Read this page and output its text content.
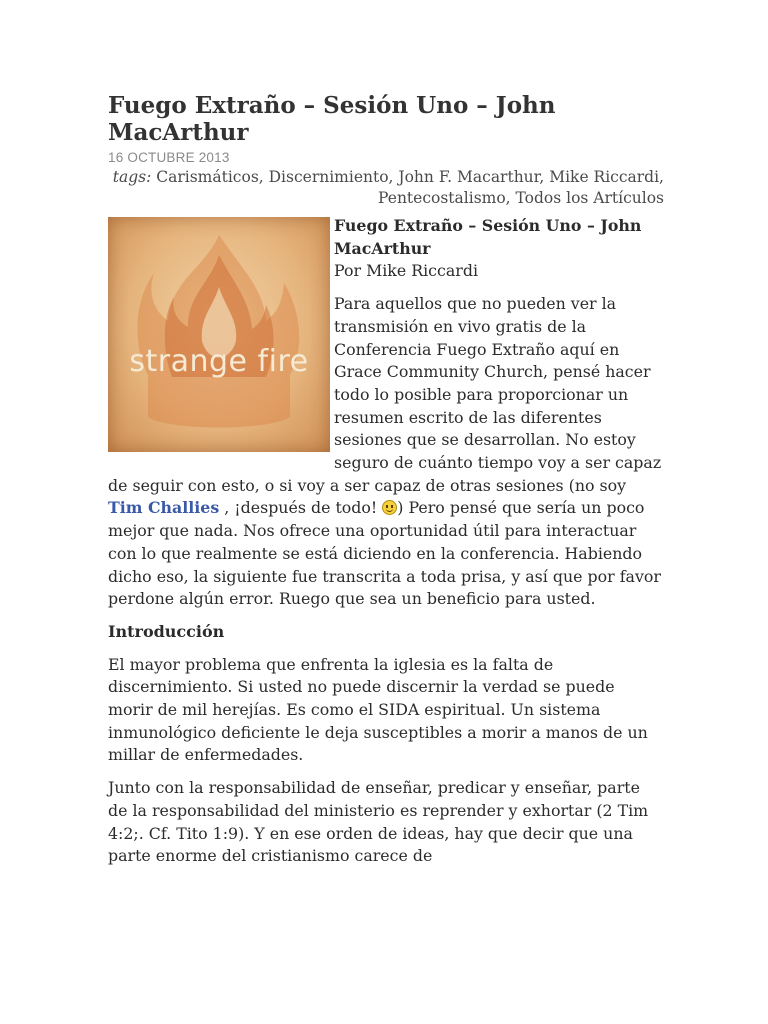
Fuego Extraño – Sesión Uno – John MacArthur
16 OCTUBRE 2013
tags: Carismáticos, Discernimiento, John F. Macarthur, Mike Riccardi, Pentecostalismo, Todos los Artículos
strange fire
Fuego Extraño – Sesión Uno – John MacArthur

Por Mike Riccardi

Para aquellos que no pueden ver la transmisión en vivo gratis de la Conferencia Fuego Extraño aquí en Grace Community Church, pensé hacer todo lo posible para proporcionar un resumen escrito de las diferentes sesiones que se desarrollan. No estoy seguro de cuánto tiempo voy a ser capaz de seguir con esto, o si voy a ser capaz de otras sesiones (no soy Tim Challies , ¡después de todo! ) Pero pensé que sería un poco mejor que nada. Nos ofrece una oportunidad útil para interactuar con lo que realmente se está diciendo en la conferencia. Habiendo dicho eso, la siguiente fue transcrita a toda prisa, y así que por favor perdone algún error. Ruego que sea un beneficio para usted.

Introducción

El mayor problema que enfrenta la iglesia es la falta de discernimiento. Si usted no puede discernir la verdad se puede morir de mil herejías. Es como el SIDA espiritual. Un sistema inmunológico deficiente le deja susceptibles a morir a manos de un millar de enfermedades.

Junto con la responsabilidad de enseñar, predicar y enseñar, parte de la responsabilidad del ministerio es reprender y exhortar (2 Tim 4:2;. Cf. Tito 1:9). Y en ese orden de ideas, hay que decir que una parte enorme del cristianismo carece de
